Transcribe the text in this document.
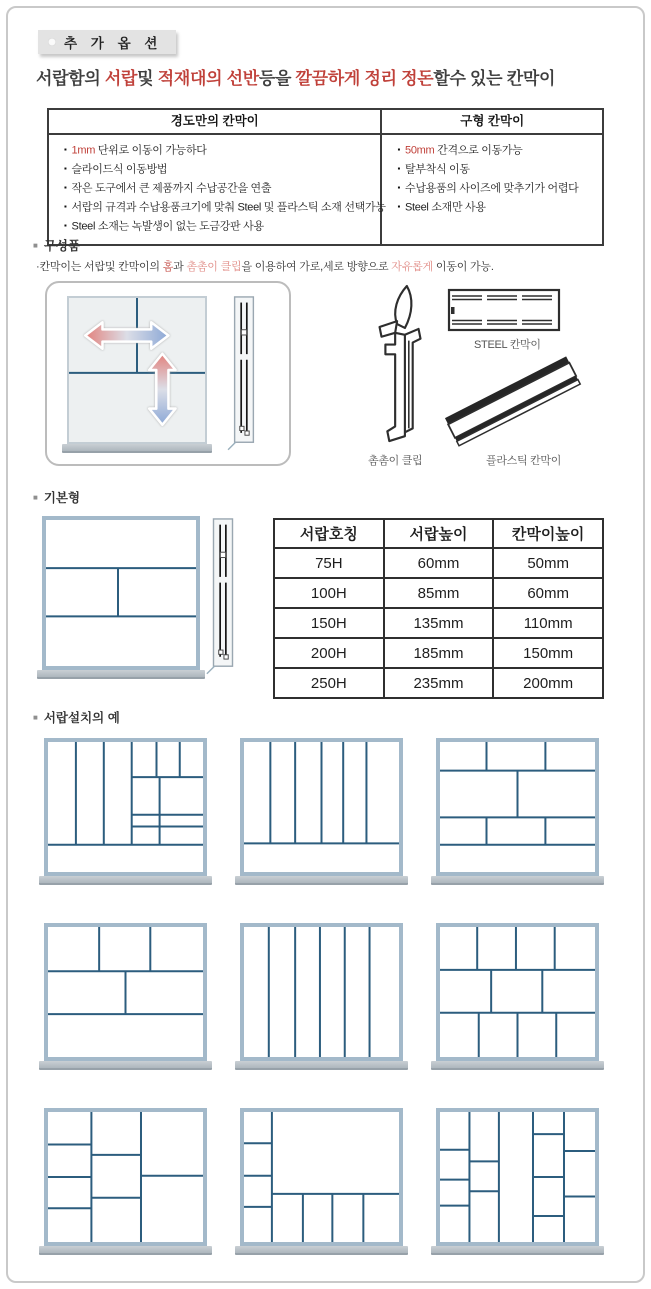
추 가 옵 션
서랍함의 서랍및 적재대의 선반등을 깔끔하게 정리 정돈할수 있는 칸막이
경도만의 칸막이
▪ 1mm 단위로 이동이 가능하다
▪ 슬라이드식 이동방법
▪ 작은 도구에서 큰 제품까지 수납공간을 연출
▪ 서랍의 규격과 수납용품크기에 맞춰 Steel 및 플라스틱 소재 선택가능
▪ Steel 소재는 녹발생이 없는 도금강판 사용
구형 칸막이
▪ 50mm 간격으로 이동가능
▪ 탈부착식 이동
▪ 수납용품의 사이즈에 맞추기가 어렵다
▪ Steel 소재만 사용
■ 구성품
·칸막이는 서랍및 칸막이의 홈과 촘촘이 클립을 이용하여 가로,세로 방향으로 자유롭게 이동이 가능.
촘촘이 클립
STEEL 칸막이
플라스틱 칸막이
■ 기본형
서랍호칭	서랍높이	칸막이높이
75H	60mm	50mm
100H	85mm	60mm
150H	135mm	110mm
200H	185mm	150mm
250H	235mm	200mm
■ 서랍설치의 예
